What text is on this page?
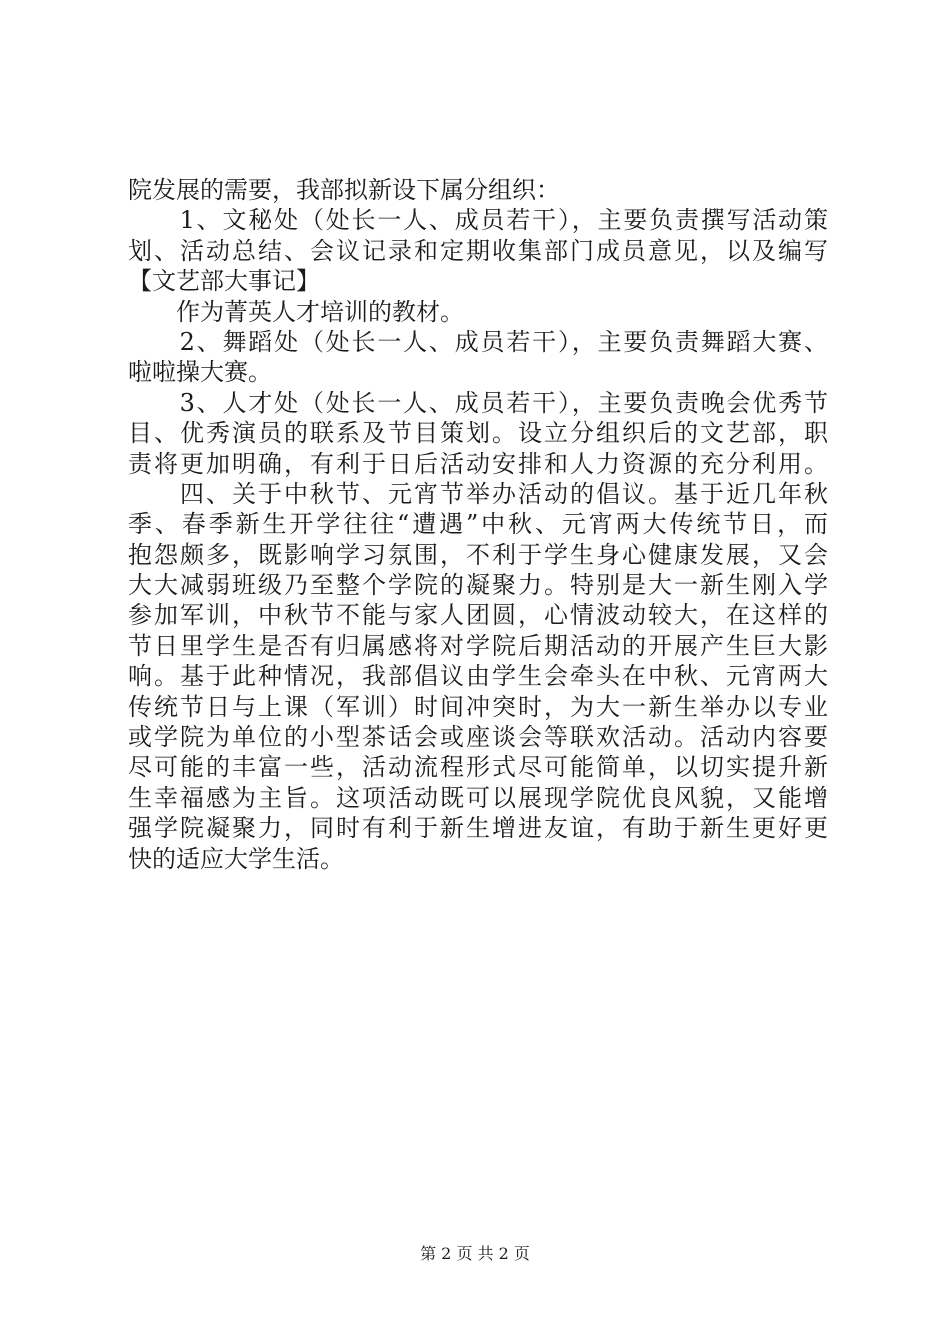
院发展的需要，我部拟新设下属分组织：
　　1、文秘处（处长一人、成员若干），主要负责撰写活动策
划、活动总结、会议记录和定期收集部门成员意见，以及编写
【文艺部大事记】
　　作为菁英人才培训的教材。
　　2、舞蹈处（处长一人、成员若干），主要负责舞蹈大赛、
啦啦操大赛。
　　3、人才处（处长一人、成员若干），主要负责晚会优秀节
目、优秀演员的联系及节目策划。设立分组织后的文艺部，职
责将更加明确，有利于日后活动安排和人力资源的充分利用。
　　四、关于中秋节、元宵节举办活动的倡议。基于近几年秋
季、春季新生开学往往“遭遇”中秋、元宵两大传统节日，而
抱怨颇多，既影响学习氛围，不利于学生身心健康发展，又会
大大减弱班级乃至整个学院的凝聚力。特别是大一新生刚入学
参加军训，中秋节不能与家人团圆，心情波动较大，在这样的
节日里学生是否有归属感将对学院后期活动的开展产生巨大影
响。基于此种情况，我部倡议由学生会牵头在中秋、元宵两大
传统节日与上课（军训）时间冲突时，为大一新生举办以专业
或学院为单位的小型茶话会或座谈会等联欢活动。活动内容要
尽可能的丰富一些，活动流程形式尽可能简单，以切实提升新
生幸福感为主旨。这项活动既可以展现学院优良风貌，又能增
强学院凝聚力，同时有利于新生增进友谊，有助于新生更好更
快的适应大学生活。
第 2 页 共 2 页
